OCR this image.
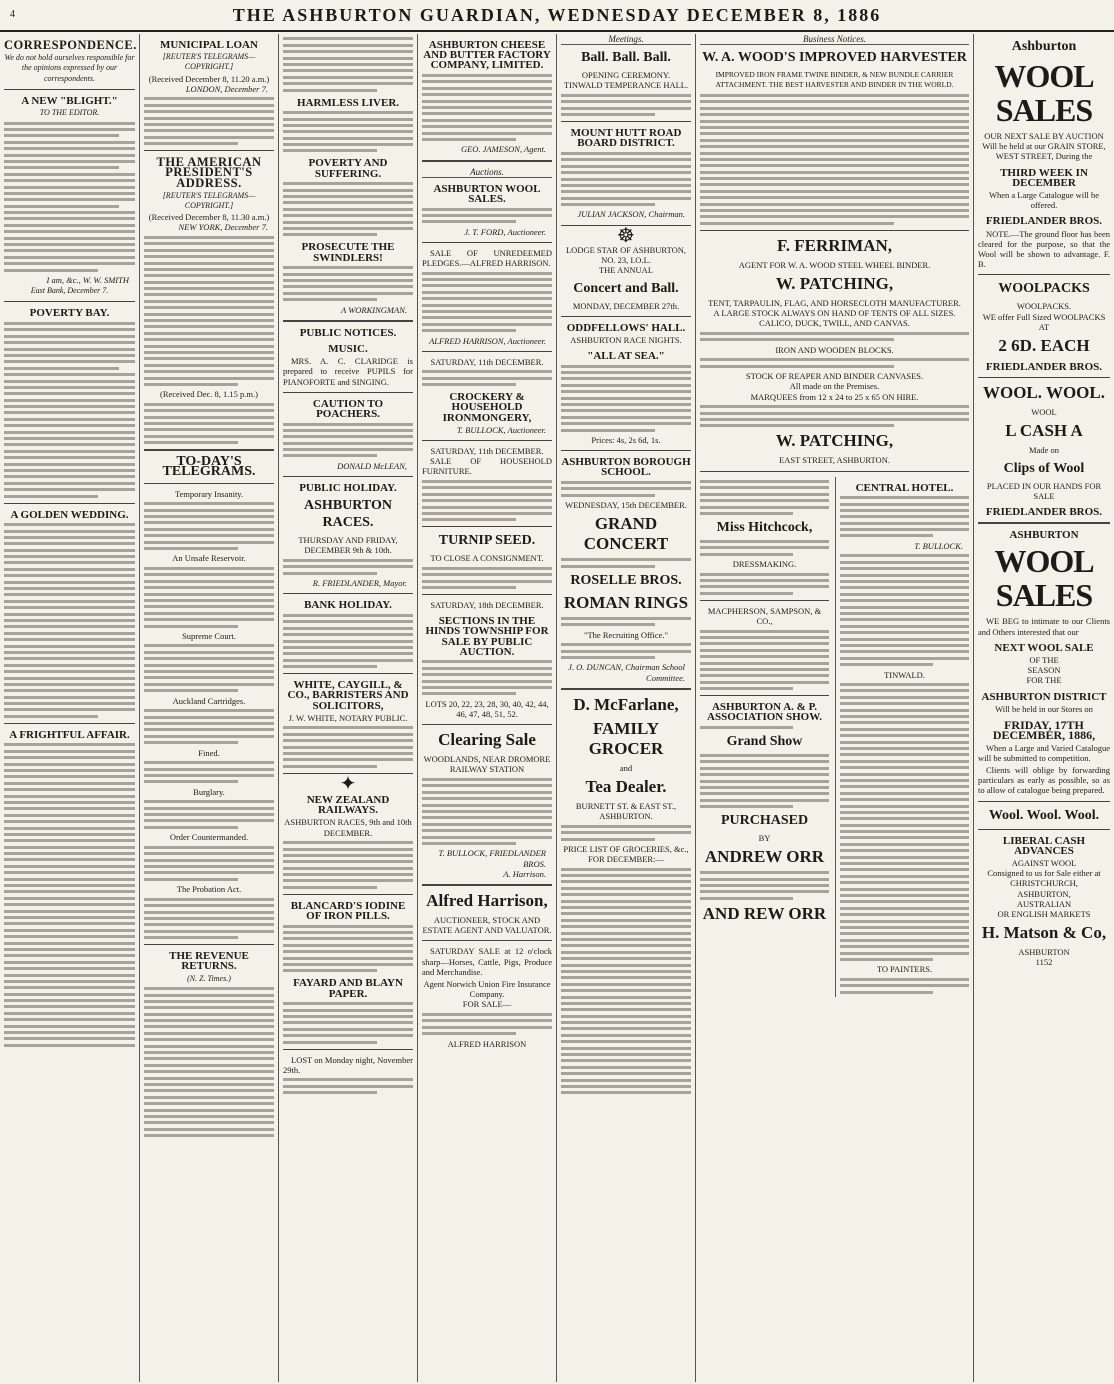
4	THE ASHBURTON GUARDIAN, WEDNESDAY DECEMBER 8, 1886
CORRESPONDENCE.
We do not hold ourselves responsible for the opinions expressed by our correspondents.
A NEW "BLIGHT."
TO THE EDITOR.
I am, &c., W. W. SMITH
East Bank, December 7.
POVERTY BAY.
A GOLDEN WEDDING.
A FRIGHTFUL AFFAIR.
MUNICIPAL LOAN
[REUTER'S TELEGRAMS—COPYRIGHT.]
(Received December 8, 11.20 a.m.)
LONDON, December 7.
THE AMERICAN PRESIDENT'S ADDRESS.
[REUTER'S TELEGRAMS—COPYRIGHT.]
(Received December 8, 11.30 a.m.)
NEW YORK, December 7.
(Received Dec. 8, 1.15 p.m.)
TO-DAY'S TELEGRAMS.
Temporary Insanity.
An Unsafe Reservoir.
Supreme Court.
Auckland Cartridges.
Fined.
Burglary.
Order Countermanded.
The Probation Act.
THE REVENUE RETURNS.
(N. Z. Times.)
HARMLESS LIVER.
POVERTY AND SUFFERING.
PROSECUTE THE SWINDLERS!
A WORKINGMAN.
PUBLIC NOTICES.
MUSIC.
MRS. A. C. CLARIDGE is prepared to receive PUPILS for PIANOFORTE and SINGING.
CAUTION TO POACHERS.
DONALD McLEAN,
PUBLIC HOLIDAY.
ASHBURTON RACES.
THURSDAY AND FRIDAY, DECEMBER 9th & 10th.
R. FRIEDLANDER, Mayor.
BANK HOLIDAY.
WHITE, CAYGILL, & CO., BARRISTERS AND SOLICITORS,
J. W. WHITE, NOTARY PUBLIC.
✦
NEW ZEALAND RAILWAYS.
ASHBURTON RACES, 9th and 10th DECEMBER.
BLANCARD'S IODINE OF IRON PILLS.
FAYARD AND BLAYN PAPER.
LOST on Monday night, November 29th.
ASHBURTON CHEESE AND BUTTER FACTORY COMPANY, LIMITED.
GEO. JAMESON, Agent.
Auctions.
ASHBURTON WOOL SALES.
J. T. FORD, Auctioneer.
SALE OF UNREDEEMED PLEDGES.—ALFRED HARRISON.
ALFRED HARRISON, Auctioneer.
SATURDAY, 11th DECEMBER.
CROCKERY & HOUSEHOLD IRONMONGERY,
T. BULLOCK, Auctioneer.
SATURDAY, 11th DECEMBER.
SALE OF HOUSEHOLD FURNITURE.
TURNIP SEED.
TO CLOSE A CONSIGNMENT.
SATURDAY, 18th DECEMBER.
SECTIONS IN THE HINDS TOWNSHIP FOR SALE BY PUBLIC AUCTION.
LOTS 20, 22, 23, 28, 30, 40, 42, 44, 46, 47, 48, 51, 52.
Clearing Sale
WOODLANDS, NEAR DROMORE RAILWAY STATION
T. BULLOCK, FRIEDLANDER BROS.
A. Harrison.
Alfred Harrison,
AUCTIONEER, STOCK AND ESTATE AGENT AND VALUATOR.
SATURDAY SALE at 12 o'clock sharp—Horses, Cattle, Pigs, Produce and Merchandise.
Agent Norwich Union Fire Insurance Company.
FOR SALE—
ALFRED HARRISON
Meetings.
Ball. Ball. Ball.
OPENING CEREMONY.
TINWALD TEMPERANCE HALL.
MOUNT HUTT ROAD BOARD DISTRICT.
JULIAN JACKSON, Chairman.
☸
LODGE STAR OF ASHBURTON, NO. 23, I.O.L.
THE ANNUAL
Concert and Ball.
MONDAY, DECEMBER 27th.
ODDFELLOWS' HALL.
ASHBURTON RACE NIGHTS.
"ALL AT SEA."
Prices: 4s, 2s 6d, 1s.
ASHBURTON BOROUGH SCHOOL.
WEDNESDAY, 15th DECEMBER.
GRAND CONCERT
ROSELLE BROS.
ROMAN RINGS
"The Recruiting Office."
J. O. DUNCAN, Chairman School Committee.
D. McFarlane,
FAMILY GROCER
and
Tea Dealer.
BURNETT ST. & EAST ST., ASHBURTON.
PRICE LIST OF GROCERIES, &c., FOR DECEMBER:—
Business Notices.
W. A. WOOD'S IMPROVED HARVESTER
IMPROVED IRON FRAME TWINE BINDER, & NEW BUNDLE CARRIER ATTACHMENT. THE BEST HARVESTER AND BINDER IN THE WORLD.
F. FERRIMAN,
AGENT FOR W. A. WOOD STEEL WHEEL BINDER.
W. PATCHING,
TENT, TARPAULIN, FLAG, AND HORSECLOTH MANUFACTURER.
A LARGE STOCK ALWAYS ON HAND OF TENTS OF ALL SIZES. CALICO, DUCK, TWILL, AND CANVAS.
IRON AND WOODEN BLOCKS.
STOCK OF REAPER AND BINDER CANVASES.
All made on the Premises.
MARQUEES from 12 x 24 to 25 x 65 ON HIRE.
W. PATCHING,
EAST STREET, ASHBURTON.
Miss Hitchcock,
DRESSMAKING.
MACPHERSON, SAMPSON, & CO.,
ASHBURTON A. & P. ASSOCIATION SHOW.
Grand Show
PURCHASED
BY
ANDREW ORR
AND REW ORR
CENTRAL HOTEL.
T. BULLOCK.
TINWALD.
TO PAINTERS.
Ashburton
WOOL SALES
OUR NEXT SALE BY AUCTION Will be held at our GRAIN STORE, WEST STREET, During the
THIRD WEEK IN DECEMBER
When a Large Catalogue will be offered.
FRIEDLANDER BROS.
NOTE.—The ground floor has been cleared for the purpose, so that the Wool will be shown to advantage. F. B.
WOOLPACKS
WOOLPACKS.
WE offer Full Sized WOOLPACKS AT
2 6D. EACH
FRIEDLANDER BROS.
WOOL. WOOL.
WOOL
L CASH A
Made on
Clips of Wool
PLACED IN OUR HANDS FOR SALE
FRIEDLANDER BROS.
ASHBURTON
WOOL SALES
WE BEG to intimate to our Clients and Others interested that our
NEXT WOOL SALE
OF THE
SEASON
FOR THE
ASHBURTON DISTRICT
Will be held in our Stores on
FRIDAY, 17TH DECEMBER, 1886,
When a Large and Varied Catalogue will be submitted to competition.
Clients will oblige by forwarding particulars as early as possible, so as to allow of catalogue being prepared.
Wool. Wool. Wool.
LIBERAL CASH ADVANCES
AGAINST WOOL
Consigned to us for Sale either at
CHRISTCHURCH,
ASHBURTON,
AUSTRALIAN
OR ENGLISH MARKETS
H. Matson & Co,
ASHBURTON
1152
